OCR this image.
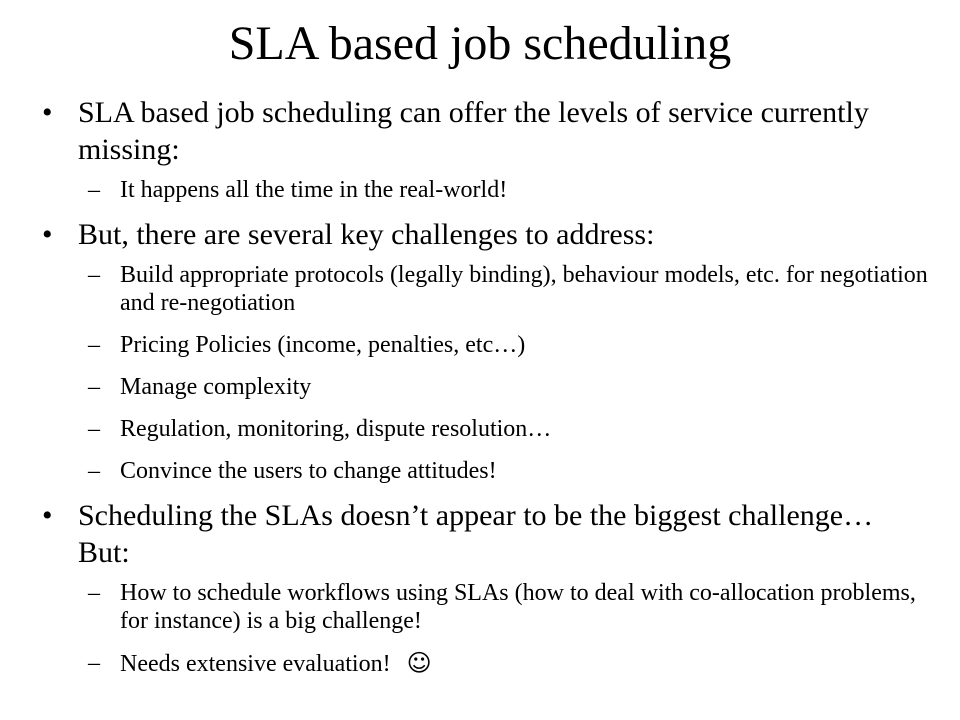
SLA based job scheduling
• SLA based job scheduling can offer the levels of service currently missing:
– It happens all the time in the real-world!
• But, there are several key challenges to address:
– Build appropriate protocols (legally binding), behaviour models, etc. for negotiation and re-negotiation
– Pricing Policies (income, penalties, etc…)
– Manage complexity
– Regulation, monitoring, dispute resolution…
– Convince the users to change attitudes!
• Scheduling the SLAs doesn’t appear to be the biggest challenge… But:
– How to schedule workflows using SLAs (how to deal with co-allocation problems, for instance) is a big challenge!
– Needs extensive evaluation! ☺
